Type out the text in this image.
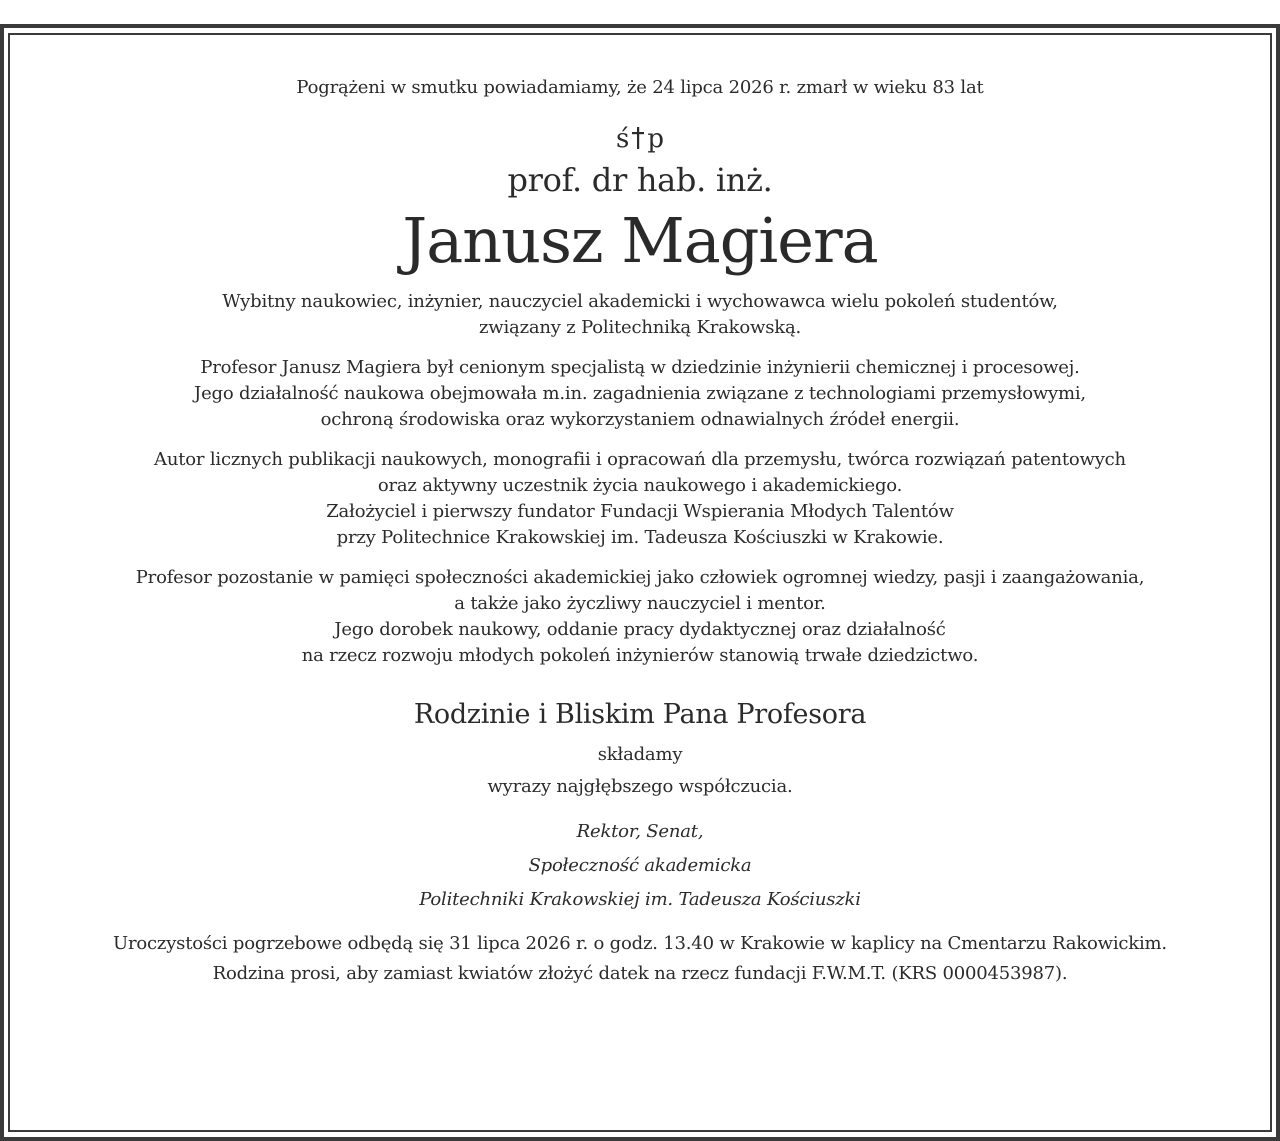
Pogrążeni w smutku powiadamiamy, że 24 lipca 2026 r. zmarł w wieku 83 lat
ś p
prof. dr hab. inż.
Janusz Magiera
Wybitny naukowiec, inżynier, nauczyciel akademicki i wychowawca wielu pokoleń studentów,
związany z Politechniką Krakowską.
Profesor Janusz Magiera był cenionym specjalistą w dziedzinie inżynierii chemicznej i procesowej.
Jego działalność naukowa obejmowała m.in. zagadnienia związane z technologiami przemysłowymi,
ochroną środowiska oraz wykorzystaniem odnawialnych źródeł energii.
Autor licznych publikacji naukowych, monografii i opracowań dla przemysłu, twórca rozwiązań patentowych
oraz aktywny uczestnik życia naukowego i akademickiego.
Założyciel i pierwszy fundator Fundacji Wspierania Młodych Talentów
przy Politechnice Krakowskiej im. Tadeusza Kościuszki w Krakowie.
Profesor pozostanie w pamięci społeczności akademickiej jako człowiek ogromnej wiedzy, pasji i zaangażowania,
a także jako życzliwy nauczyciel i mentor.
Jego dorobek naukowy, oddanie pracy dydaktycznej oraz działalność
na rzecz rozwoju młodych pokoleń inżynierów stanowią trwałe dziedzictwo.
Rodzinie i Bliskim Pana Profesora
składamy
wyrazy najgłębszego współczucia.
Rektor, Senat,
Społeczność akademicka
Politechniki Krakowskiej im. Tadeusza Kościuszki
Uroczystości pogrzebowe odbędą się 31 lipca 2026 r. o godz. 13.40 w Krakowie w kaplicy na Cmentarzu Rakowickim.
Rodzina prosi, aby zamiast kwiatów złożyć datek na rzecz fundacji F.W.M.T. (KRS 0000453987).
